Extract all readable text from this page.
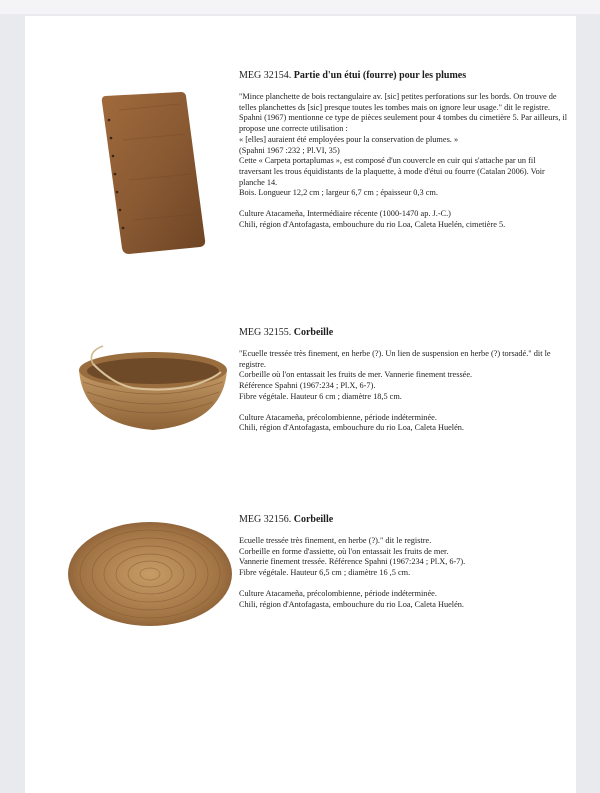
MEG 32154. Partie d'un étui (fourre) pour les plumes

"Mince planchette de bois rectangulaire av. [sic] petites perforations sur les bords. On trouve de telles planchettes ds [sic] presque toutes les tombes mais on ignore leur usage." dit le registre.
Spahni (1967) mentionne ce type de pièces seulement pour 4 tombes du cimetière 5. Par ailleurs, il propose une correcte utilisation :
« [elles] auraient été employées pour la conservation de plumes. »
(Spahni 1967 :232 ; Pl.VI, 35)
Cette « Carpeta portaplumas », est composé d'un couvercle en cuir qui s'attache par un fil traversant les trous équidistants de la plaquette, à mode d'étui ou fourre (Catalan 2006). Voir planche 14.
Bois. Longueur 12,2 cm ; largeur 6,7 cm ; épaisseur 0,3 cm.

Culture Atacameña, Intermédiaire récente (1000-1470 ap. J.-C.)
Chili, région d'Antofagasta, embouchure du rio Loa, Caleta Huelén, cimetière 5.

MEG 32155. Corbeille

"Ecuelle tressée très finement, en herbe (?). Un lien de suspension en herbe (?) torsadé." dit le registre.
Corbeille où l'on entassait les fruits de mer. Vannerie finement tressée.
Référence Spahni (1967:234 ; Pl.X, 6-7).
Fibre végétale. Hauteur 6 cm ; diamètre 18,5 cm.

Culture Atacameña, précolombienne, période indéterminée.
Chili, région d'Antofagasta, embouchure du rio Loa, Caleta Huelén.

MEG 32156. Corbeille

Ecuelle tressée très finement, en herbe (?)." dit le registre.
Corbeille en forme d'assiette, où l'on entassait les fruits de mer.
Vannerie finement tressée. Référence Spahni (1967:234 ; Pl.X, 6-7).
Fibre végétale. Hauteur 6,5 cm ; diamètre 16 ,5 cm.

Culture Atacameña, précolombienne, période indéterminée.
Chili, région d'Antofagasta, embouchure du rio Loa, Caleta Huelén.
